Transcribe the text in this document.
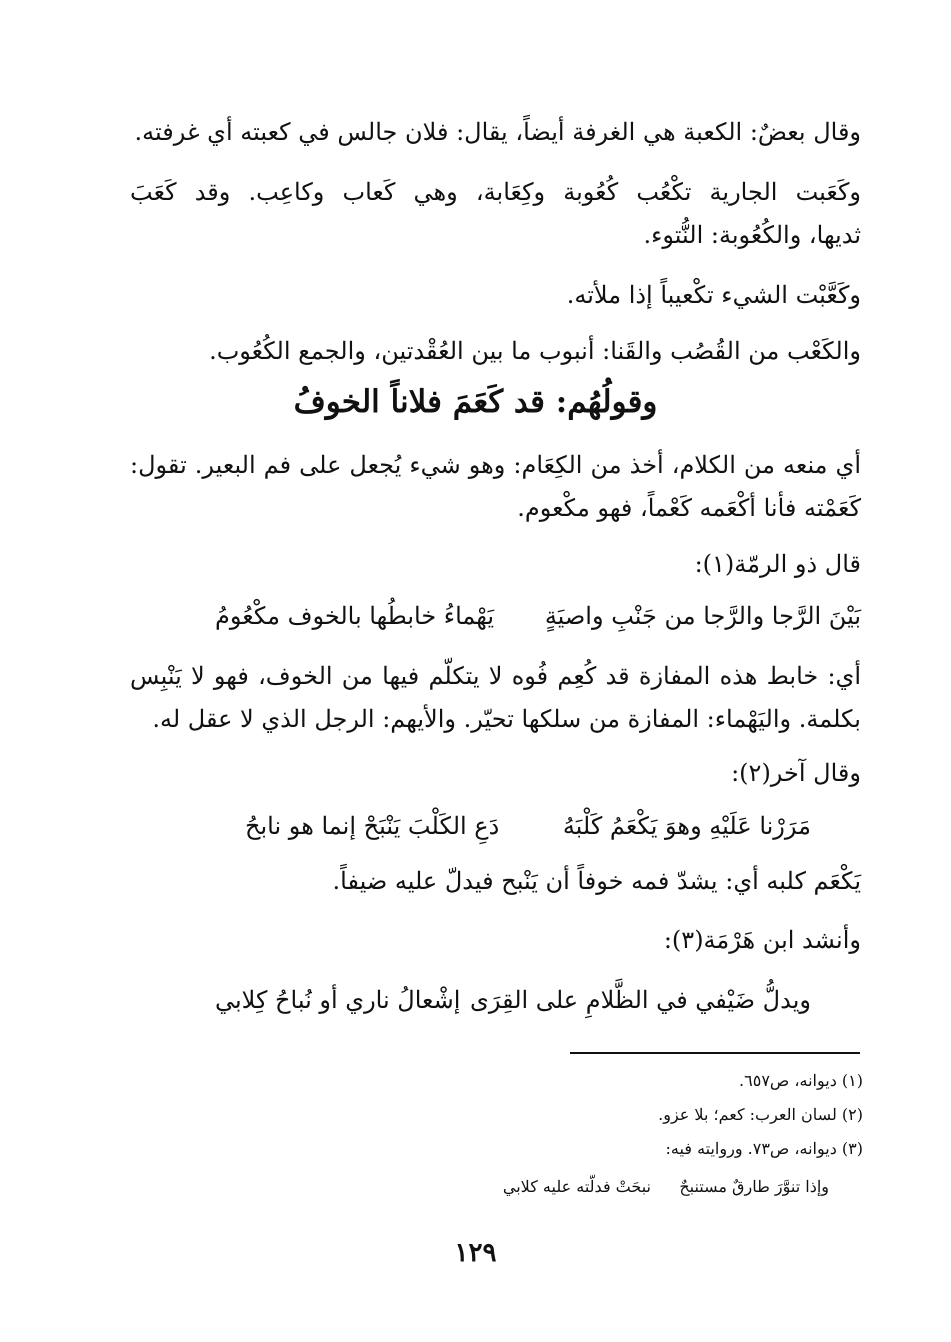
وقال بعضٌ: الكعبة هي الغرفة أيضاً، يقال: فلان جالس في كعبته أي غرفته.
وكَعَبت الجارية تكْعُب كُعُوبة وكِعَابة، وهي كَعاب وكاعِب. وقد كَعَبَ
ثديها، والكُعُوبة: النُّتوء.
وكَعَّبْت الشيء تكْعيباً إذا ملأته.
والكَعْب من القُصُب والقَنا: أنبوب ما بين العُقْدتين، والجمع الكُعُوب.
وقولُهُم: قد كَعَمَ فلاناً الخوفُ
أي منعه من الكلام، أخذ من الكِعَام: وهو شيء يُجعل على فم البعير. تقول:
كَعَمْته فأنا أكْعَمه كَعْماً، فهو مكْعوم.
قال ذو الرمّة(١):
بَيْنَ الرَّجا والرَّجا من جَنْبِ واصيَةٍ
يَهْماءُ خابطُها بالخوف مكْعُومُ
أي: خابط هذه المفازة قد كُعِم فُوه لا يتكلّم فيها من الخوف، فهو لا يَنْبِس
بكلمة. واليَهْماء: المفازة من سلكها تحيّر. والأيهم: الرجل الذي لا عقل له.
وقال آخر(٢):
مَرَرْنا عَلَيْهِ وهوَ يَكْعَمُ كَلْبَهُ
دَعِ الكَلْبَ يَنْبَحْ إنما هو نابحُ
يَكْعَم كلبه أي: يشدّ فمه خوفاً أن يَنْبح فيدلّ عليه ضيفاً.
وأنشد ابن هَرْمَة(٣):
ويدلُّ ضَيْفي في الظَّلامِ على القِرَى
إشْعالُ ناري أو نُباحُ كِلابي
(١) ديوانه، ص٦٥٧.
(٢) لسان العرب: كعم؛ بلا عزو.
(٣) ديوانه، ص٧٣. وروايته فيه:
وإذا تنوَّرَ طارقٌ مستنبحٌ
نبحَتْ فدلّته عليه كلابي
١٢٩
